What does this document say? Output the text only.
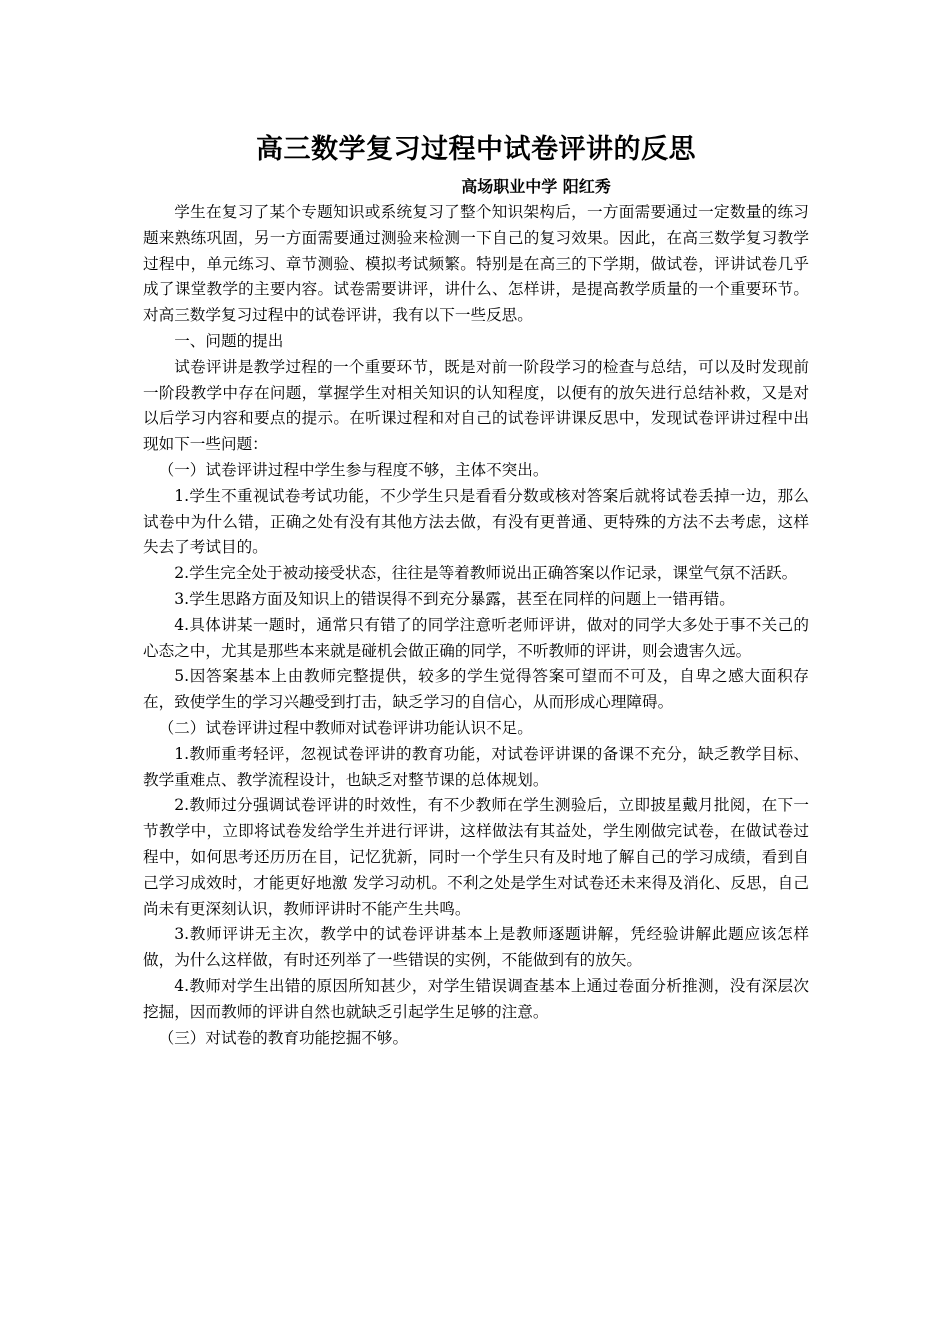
高三数学复习过程中试卷评讲的反思
高场职业中学 阳红秀

学生在复习了某个专题知识或系统复习了整个知识架构后，一方面需要通过一定数量的练习题来熟练巩固，另一方面需要通过测验来检测一下自己的复习效果。因此，在高三数学复习教学过程中，单元练习、章节测验、模拟考试频繁。特别是在高三的下学期，做试卷，评讲试卷几乎成了课堂教学的主要内容。试卷需要讲评，讲什么、怎样讲，是提高教学质量的一个重要环节。对高三数学复习过程中的试卷评讲，我有以下一些反思。

一、问题的提出

试卷评讲是教学过程的一个重要环节，既是对前一阶段学习的检查与总结，可以及时发现前一阶段教学中存在问题，掌握学生对相关知识的认知程度，以便有的放矢进行总结补救，又是对以后学习内容和要点的提示。在听课过程和对自己的试卷评讲课反思中，发现试卷评讲过程中出现如下一些问题：

（一）试卷评讲过程中学生参与程度不够，主体不突出。

1.学生不重视试卷考试功能，不少学生只是看看分数或核对答案后就将试卷丢掉一边，那么试卷中为什么错，正确之处有没有其他方法去做，有没有更普通、更特殊的方法不去考虑，这样失去了考试目的。

2.学生完全处于被动接受状态，往往是等着教师说出正确答案以作记录，课堂气氛不活跃。

3.学生思路方面及知识上的错误得不到充分暴露，甚至在同样的问题上一错再错。

4.具体讲某一题时，通常只有错了的同学注意听老师评讲，做对的同学大多处于事不关己的心态之中，尤其是那些本来就是碰机会做正确的同学，不听教师的评讲，则会遗害久远。

5.因答案基本上由教师完整提供，较多的学生觉得答案可望而不可及，自卑之感大面积存在，致使学生的学习兴趣受到打击，缺乏学习的自信心，从而形成心理障碍。

（二）试卷评讲过程中教师对试卷评讲功能认识不足。

1.教师重考轻评，忽视试卷评讲的教育功能，对试卷评讲课的备课不充分，缺乏教学目标、教学重难点、教学流程设计，也缺乏对整节课的总体规划。

2.教师过分强调试卷评讲的时效性，有不少教师在学生测验后，立即披星戴月批阅，在下一节教学中，立即将试卷发给学生并进行评讲，这样做法有其益处，学生刚做完试卷，在做试卷过程中，如何思考还历历在目，记忆犹新，同时一个学生只有及时地了解自己的学习成绩，看到自己学习成效时，才能更好地激 发学习动机。不利之处是学生对试卷还未来得及消化、反思，自己尚未有更深刻认识，教师评讲时不能产生共鸣。

3.教师评讲无主次，教学中的试卷评讲基本上是教师逐题讲解，凭经验讲解此题应该怎样做，为什么这样做，有时还列举了一些错误的实例，不能做到有的放矢。

4.教师对学生出错的原因所知甚少，对学生错误调查基本上通过卷面分析推测，没有深层次挖掘，因而教师的评讲自然也就缺乏引起学生足够的注意。

（三）对试卷的教育功能挖掘不够。
